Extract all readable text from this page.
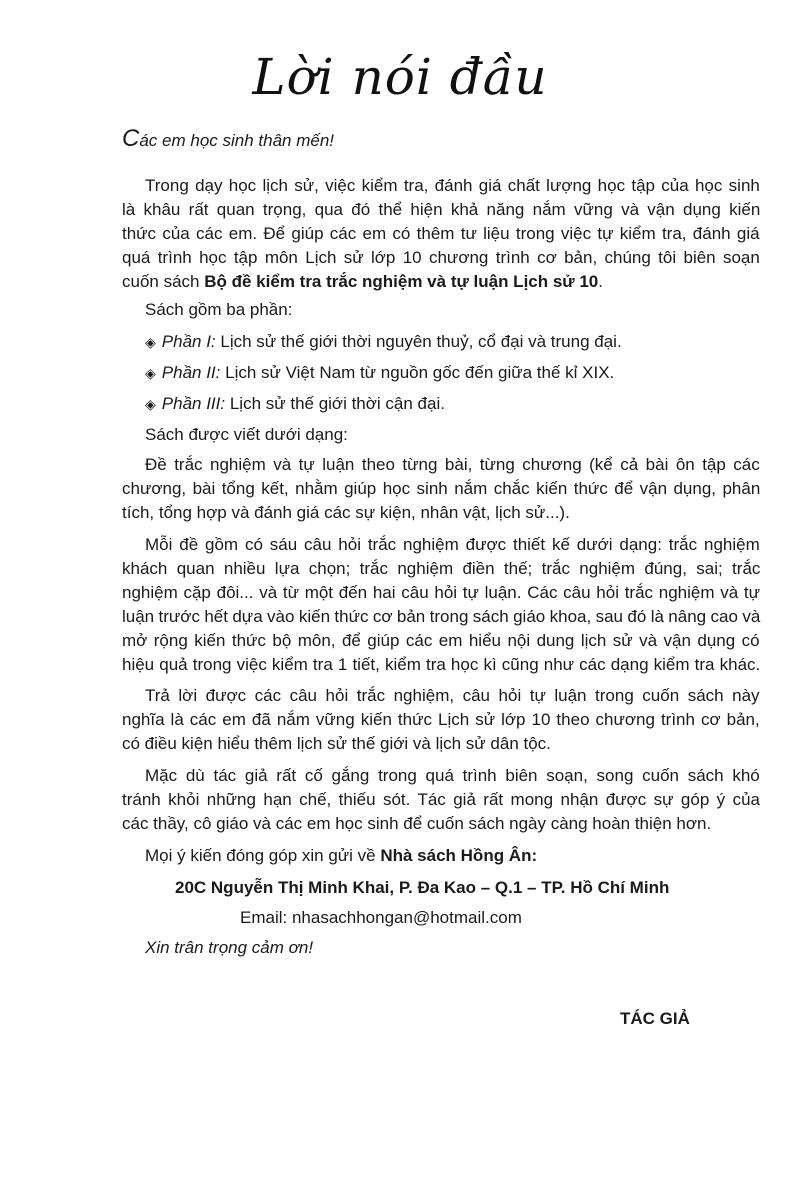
Lời nói đầu
Các em học sinh thân mến!
Trong dạy học lịch sử, việc kiểm tra, đánh giá chất lượng học tập của học sinh
là khâu rất quan trọng, qua đó thể hiện khả năng nắm vững và vận dụng kiến
thức của các em. Để giúp các em có thêm tư liệu trong việc tự kiểm tra, đánh giá
quá trình học tập môn Lịch sử lớp 10 chương trình cơ bản, chúng tôi biên soạn
cuốn sách Bộ đề kiểm tra trắc nghiệm và tự luận Lịch sử 10.
Sách gồm ba phần:
◈ Phần I: Lịch sử thế giới thời nguyên thuỷ, cổ đại và trung đại.
◈ Phần II: Lịch sử Việt Nam từ nguồn gốc đến giữa thế kỉ XIX.
◈ Phần III: Lịch sử thế giới thời cận đại.
Sách được viết dưới dạng:
Đề trắc nghiệm và tự luận theo từng bài, từng chương (kể cả bài ôn tập các
chương, bài tổng kết, nhằm giúp học sinh nắm chắc kiến thức để vận dụng, phân
tích, tổng hợp và đánh giá các sự kiện, nhân vật, lịch sử...).
Mỗi đề gồm có sáu câu hỏi trắc nghiệm được thiết kế dưới dạng: trắc nghiệm
khách quan nhiều lựa chọn; trắc nghiệm điền thế; trắc nghiệm đúng, sai; trắc
nghiệm cặp đôi... và từ một đến hai câu hỏi tự luận. Các câu hỏi trắc nghiệm và tự
luận trước hết dựa vào kiến thức cơ bản trong sách giáo khoa, sau đó là nâng cao và
mở rộng kiến thức bộ môn, để giúp các em hiểu nội dung lịch sử và vận dụng có
hiệu quả trong việc kiểm tra 1 tiết, kiểm tra học kì cũng như các dạng kiểm tra khác.
Trả lời được các câu hỏi trắc nghiệm, câu hỏi tự luận trong cuốn sách này
nghĩa là các em đã nắm vững kiến thức Lịch sử lớp 10 theo chương trình cơ bản,
có điều kiện hiểu thêm lịch sử thế giới và lịch sử dân tộc.
Mặc dù tác giả rất cố gắng trong quá trình biên soạn, song cuốn sách khó
tránh khỏi những hạn chế, thiếu sót. Tác giả rất mong nhận được sự góp ý của
các thầy, cô giáo và các em học sinh để cuốn sách ngày càng hoàn thiện hơn.
Mọi ý kiến đóng góp xin gửi về Nhà sách Hồng Ân:
20C Nguyễn Thị Minh Khai, P. Đa Kao – Q.1 – TP. Hồ Chí Minh
Email: nhasachhongan@hotmail.com
Xin trân trọng cảm ơn!
TÁC GIẢ
